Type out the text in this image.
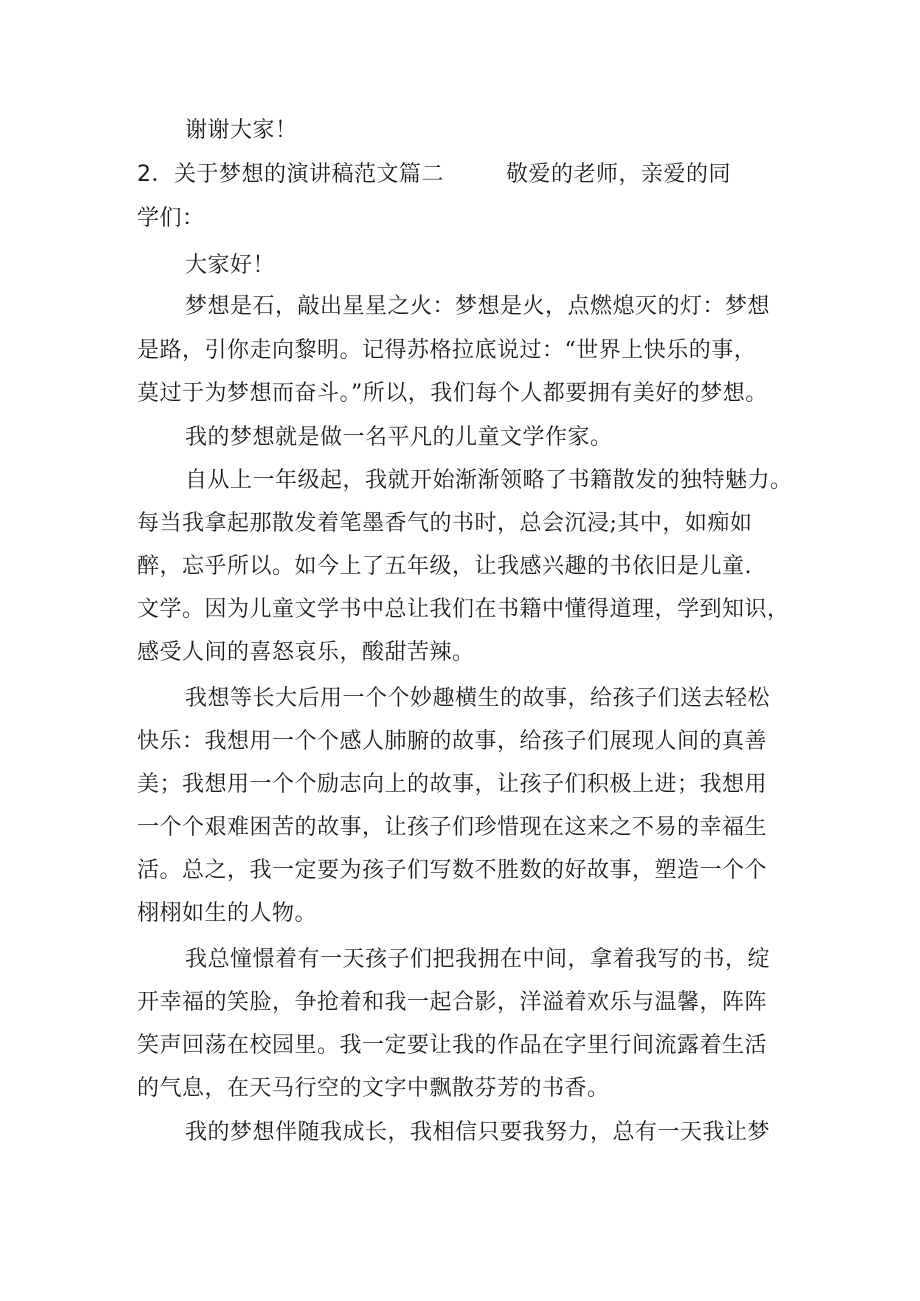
谢谢大家！
2．关于梦想的演讲稿范文篇二	敬爱的老师，亲爱的同
学们：
大家好！
梦想是石，敲出星星之火：梦想是火，点燃熄灭的灯：梦想
是路，引你走向黎明。记得苏格拉底说过：“世界上快乐的事，
莫过于为梦想而奋斗。”所以，我们每个人都要拥有美好的梦想。
我的梦想就是做一名平凡的儿童文学作家。
自从上一年级起，我就开始渐渐领略了书籍散发的独特魅力。
每当我拿起那散发着笔墨香气的书时，总会沉浸;其中，如痴如
醉，忘乎所以。如今上了五年级，让我感兴趣的书依旧是儿童.
文学。因为儿童文学书中总让我们在书籍中懂得道理，学到知识，
感受人间的喜怒哀乐，酸甜苦辣。
我想等长大后用一个个妙趣横生的故事，给孩子们送去轻松
快乐：我想用一个个感人肺腑的故事，给孩子们展现人间的真善
美；我想用一个个励志向上的故事，让孩子们积极上进；我想用
一个个艰难困苦的故事，让孩子们珍惜现在这来之不易的幸福生
活。总之，我一定要为孩子们写数不胜数的好故事，塑造一个个
栩栩如生的人物。
我总憧憬着有一天孩子们把我拥在中间，拿着我写的书，绽
开幸福的笑脸，争抢着和我一起合影，洋溢着欢乐与温馨，阵阵
笑声回荡在校园里。我一定要让我的作品在字里行间流露着生活
的气息，在天马行空的文字中飘散芬芳的书香。
我的梦想伴随我成长，我相信只要我努力，总有一天我让梦
